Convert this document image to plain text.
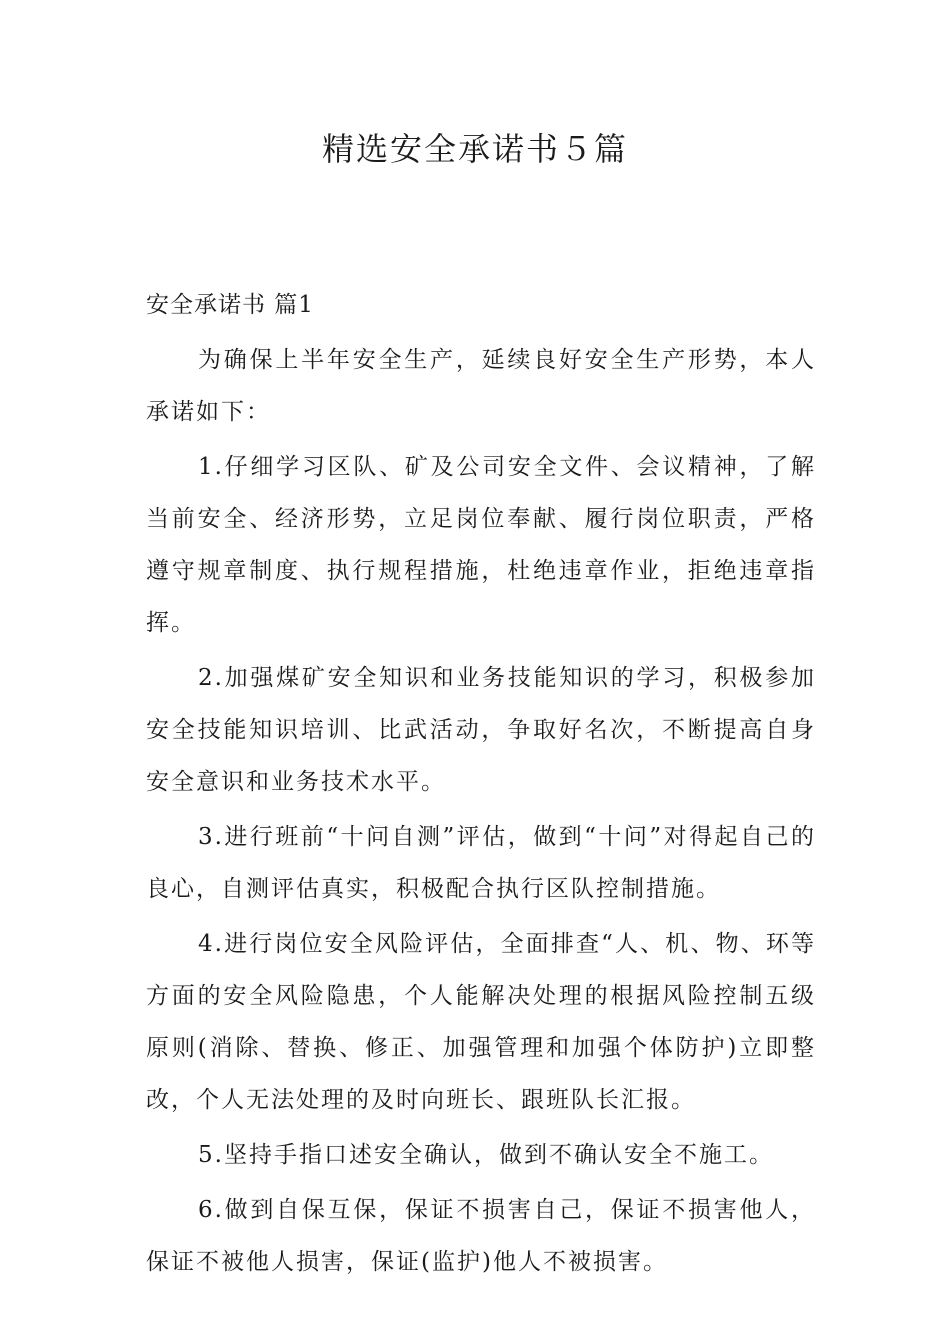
精选安全承诺书５篇

安全承诺书 篇1

为确保上半年安全生产，延续良好安全生产形势，本人承诺如下：

1.仔细学习区队、矿及公司安全文件、会议精神，了解当前安全、经济形势，立足岗位奉献、履行岗位职责，严格遵守规章制度、执行规程措施，杜绝违章作业，拒绝违章指挥。

2.加强煤矿安全知识和业务技能知识的学习，积极参加安全技能知识培训、比武活动，争取好名次，不断提高自身安全意识和业务技术水平。

3.进行班前“十问自测”评估，做到“十问”对得起自己的良心，自测评估真实，积极配合执行区队控制措施。

4.进行岗位安全风险评估，全面排查“人、机、物、环等方面的安全风险隐患，个人能解决处理的根据风险控制五级原则(消除、替换、修正、加强管理和加强个体防护)立即整改，个人无法处理的及时向班长、跟班队长汇报。

5.坚持手指口述安全确认，做到不确认安全不施工。

6.做到自保互保，保证不损害自己，保证不损害他人，保证不被他人损害，保证(监护)他人不被损害。
